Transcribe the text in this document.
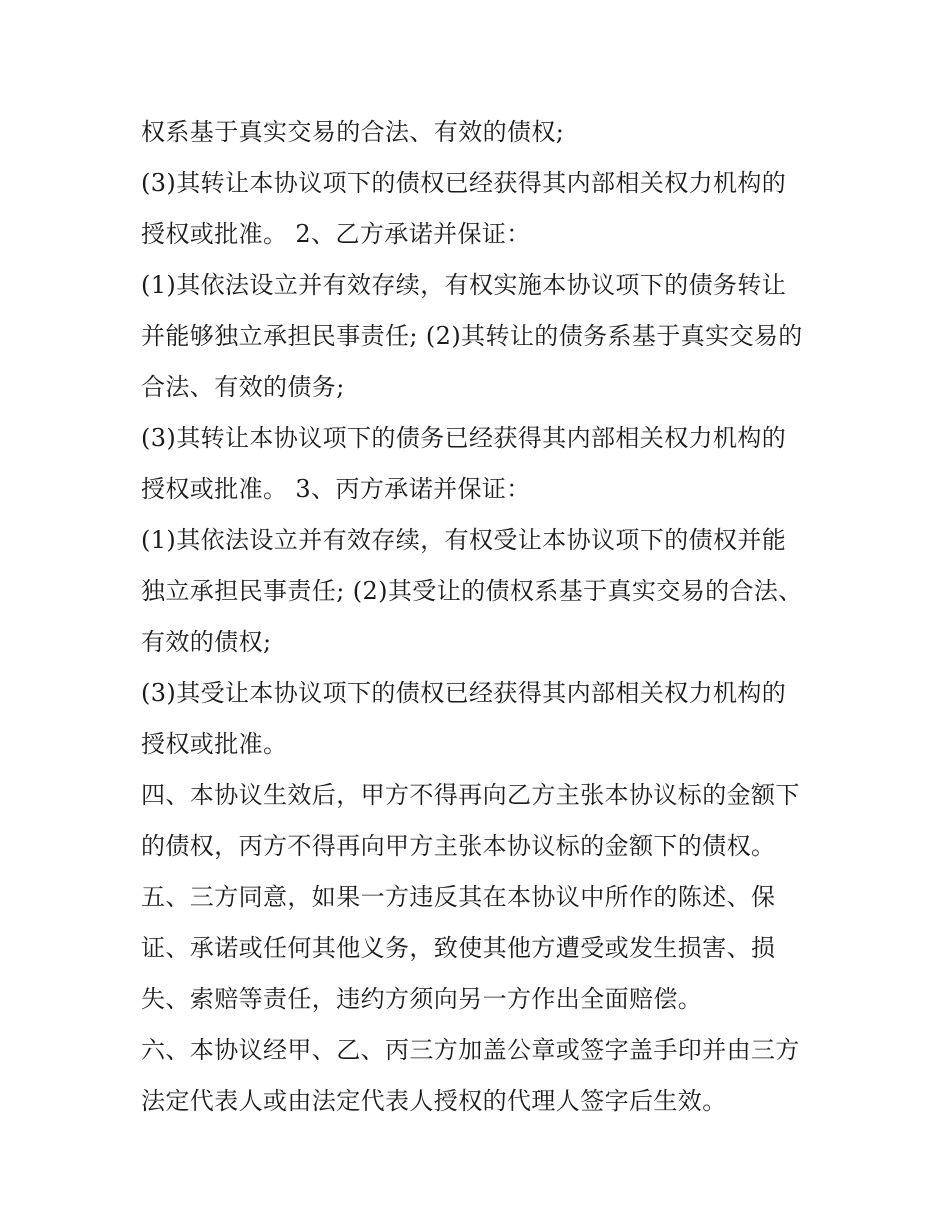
权系基于真实交易的合法、有效的债权;
(3)其转让本协议项下的债权已经获得其内部相关权力机构的
授权或批准。 2、乙方承诺并保证：
(1)其依法设立并有效存续，有权实施本协议项下的债务转让
并能够独立承担民事责任; (2)其转让的债务系基于真实交易的
合法、有效的债务;
(3)其转让本协议项下的债务已经获得其内部相关权力机构的
授权或批准。 3、丙方承诺并保证：
(1)其依法设立并有效存续，有权受让本协议项下的债权并能
独立承担民事责任; (2)其受让的债权系基于真实交易的合法、
有效的债权;
(3)其受让本协议项下的债权已经获得其内部相关权力机构的
授权或批准。
四、本协议生效后，甲方不得再向乙方主张本协议标的金额下
的债权，丙方不得再向甲方主张本协议标的金额下的债权。
五、三方同意，如果一方违反其在本协议中所作的陈述、保
证、承诺或任何其他义务，致使其他方遭受或发生损害、损
失、索赔等责任，违约方须向另一方作出全面赔偿。
六、本协议经甲、乙、丙三方加盖公章或签字盖手印并由三方
法定代表人或由法定代表人授权的代理人签字后生效。
